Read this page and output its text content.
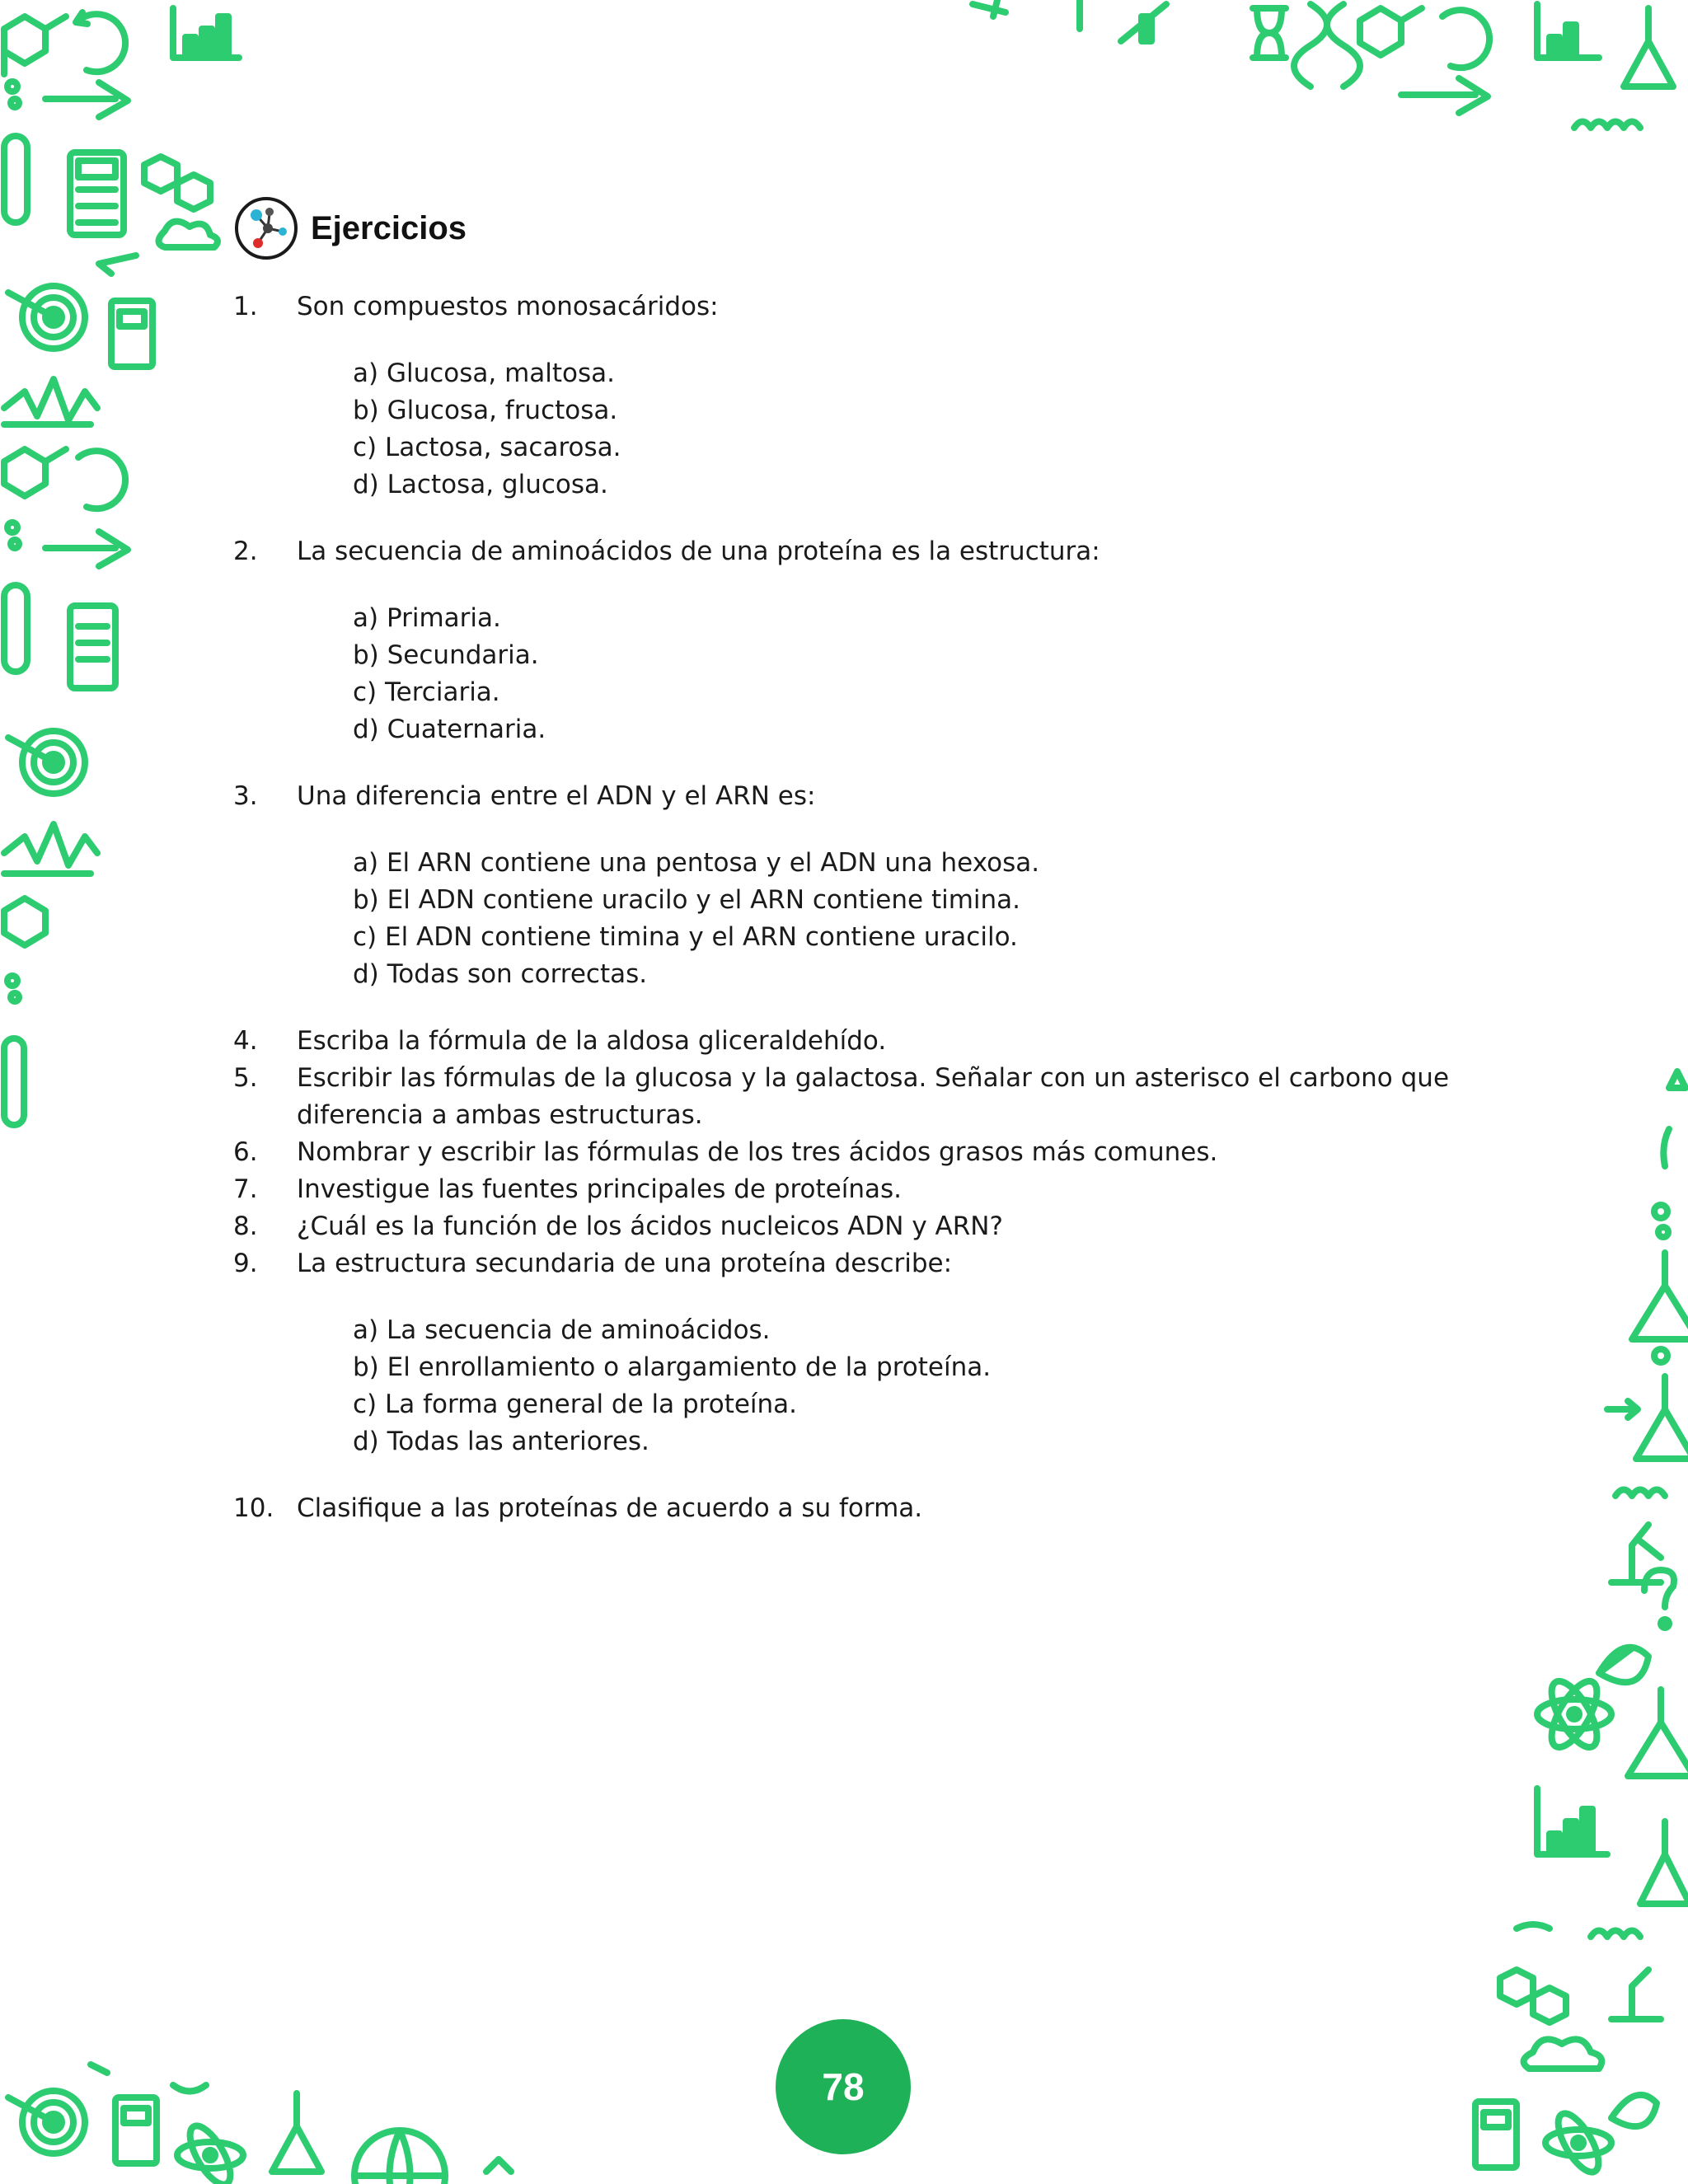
Ejercicios
1.	Son compuestos monosacáridos:
a) Glucosa, maltosa.
b) Glucosa, fructosa.
c) Lactosa, sacarosa.
d) Lactosa, glucosa.
2.	La secuencia de aminoácidos de una proteína es la estructura:
a) Primaria.
b) Secundaria.
c) Terciaria.
d) Cuaternaria.
3.	Una diferencia entre el ADN y el ARN es:
a) El ARN contiene una pentosa y el ADN una hexosa.
b) El ADN contiene uracilo y el ARN contiene timina.
c) El ADN contiene timina y el ARN contiene uracilo.
d) Todas son correctas.
4.	Escriba la fórmula de la aldosa gliceraldehído.
5.	Escribir las fórmulas de la glucosa y la galactosa. Señalar con un asterisco el carbono que diferencia a ambas estructuras.
6.	Nombrar y escribir las fórmulas de los tres ácidos grasos más comunes.
7.	Investigue las fuentes principales de proteínas.
8.	¿Cuál es la función de los ácidos nucleicos ADN y ARN?
9.	La estructura secundaria de una proteína describe:
a) La secuencia de aminoácidos.
b) El enrollamiento o alargamiento de la proteína.
c) La forma general de la proteína.
d) Todas las anteriores.
10. Clasifique a las proteínas de acuerdo a su forma.
78
